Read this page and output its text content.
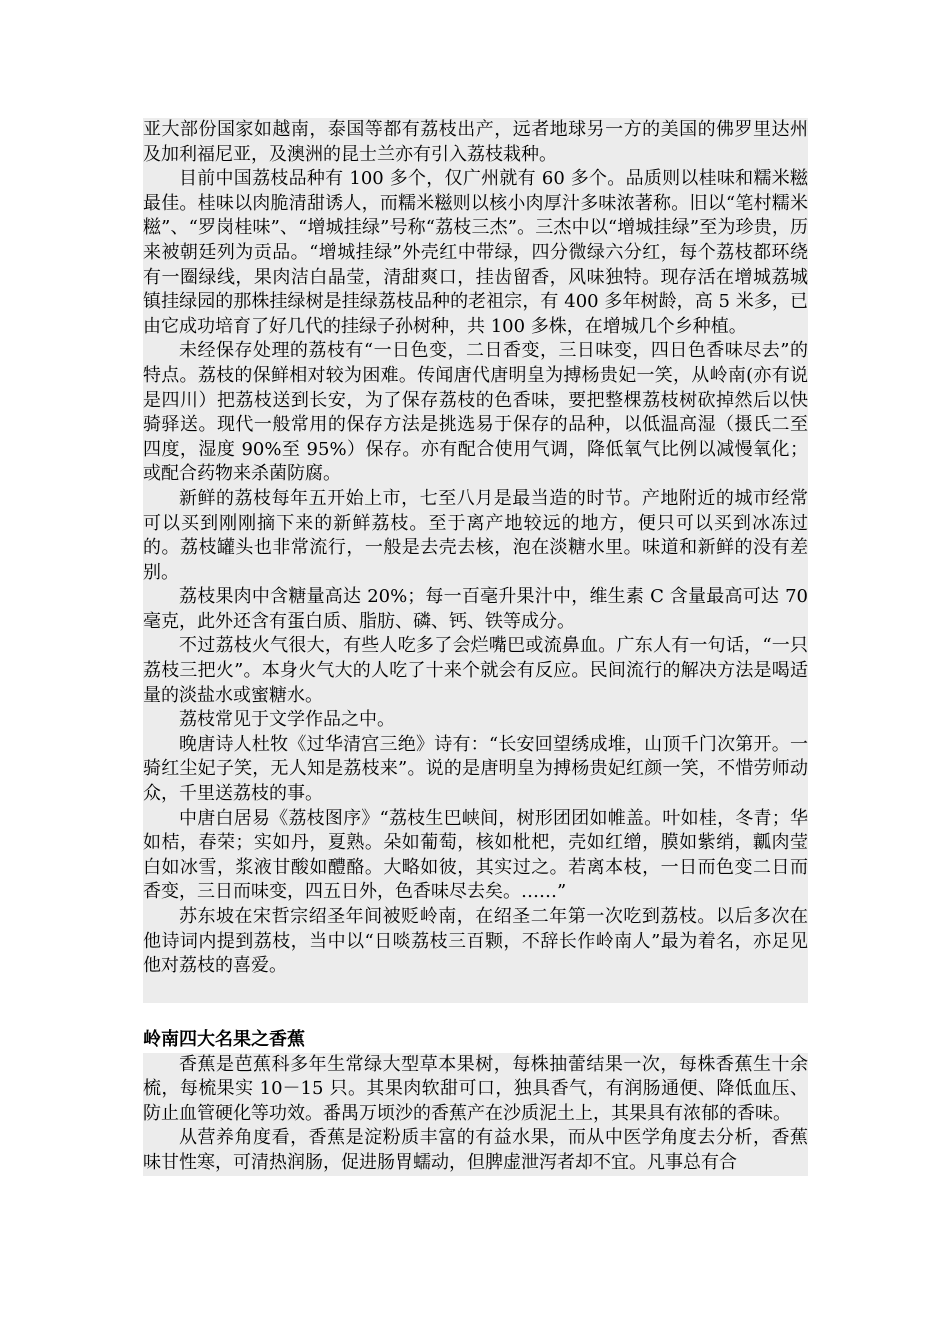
亚大部份国家如越南，泰国等都有荔枝出产，远者地球另一方的美国的佛罗里达州及加利福尼亚，及澳洲的昆士兰亦有引入荔枝栽种。

目前中国荔枝品种有 100 多个，仅广州就有 60 多个。品质则以桂味和糯米糍最佳。桂味以肉脆清甜诱人，而糯米糍则以核小肉厚汁多味浓著称。旧以“笔村糯米糍”、“罗岗桂味”、“增城挂绿”号称“荔枝三杰”。三杰中以“增城挂绿”至为珍贵，历来被朝廷列为贡品。“增城挂绿”外壳红中带绿，四分微绿六分红，每个荔枝都环绕有一圈绿线，果肉洁白晶莹，清甜爽口，挂齿留香，风味独特。现存活在增城荔城镇挂绿园的那株挂绿树是挂绿荔枝品种的老祖宗，有 400 多年树龄，高 5 米多，已由它成功培育了好几代的挂绿子孙树种，共 100 多株，在增城几个乡种植。

未经保存处理的荔枝有“一日色变，二日香变，三日味变，四日色香味尽去”的特点。荔枝的保鲜相对较为困难。传闻唐代唐明皇为搏杨贵妃一笑，从岭南(亦有说是四川）把荔枝送到长安，为了保存荔枝的色香味，要把整棵荔枝树砍掉然后以快骑驿送。现代一般常用的保存方法是挑选易于保存的品种，以低温高湿（摄氏二至四度，湿度 90%至 95%）保存。亦有配合使用气调，降低氧气比例以减慢氧化；或配合药物来杀菌防腐。

新鲜的荔枝每年五开始上市，七至八月是最当造的时节。产地附近的城市经常可以买到刚刚摘下来的新鲜荔枝。至于离产地较远的地方，便只可以买到冰冻过的。荔枝罐头也非常流行，一般是去壳去核，泡在淡糖水里。味道和新鲜的没有差别。

荔枝果肉中含糖量高达 20%；每一百毫升果汁中，维生素 C 含量最高可达 70 毫克，此外还含有蛋白质、脂肪、磷、钙、铁等成分。

不过荔枝火气很大，有些人吃多了会烂嘴巴或流鼻血。广东人有一句话，“一只荔枝三把火”。本身火气大的人吃了十来个就会有反应。民间流行的解决方法是喝适量的淡盐水或蜜糖水。

荔枝常见于文学作品之中。

晚唐诗人杜牧《过华清宫三绝》诗有：“长安回望绣成堆，山顶千门次第开。一骑红尘妃子笑，无人知是荔枝来”。说的是唐明皇为搏杨贵妃红颜一笑，不惜劳师动众，千里送荔枝的事。

中唐白居易《荔枝图序》“荔枝生巴峡间，树形团团如帷盖。叶如桂，冬青；华如桔，春荣；实如丹，夏熟。朵如葡萄，核如枇杷，壳如红缯，膜如紫绡，瓤肉莹白如冰雪，浆液甘酸如醴酪。大略如彼，其实过之。若离本枝，一日而色变二日而香变，三日而味变，四五日外，色香味尽去矣。……”

苏东坡在宋哲宗绍圣年间被贬岭南，在绍圣二年第一次吃到荔枝。以后多次在他诗词内提到荔枝，当中以“日啖荔枝三百颗，不辞长作岭南人”最为着名，亦足见他对荔枝的喜爱。

岭南四大名果之香蕉

香蕉是芭蕉科多年生常绿大型草本果树，每株抽蕾结果一次，每株香蕉生十余梳，每梳果实 10－15 只。其果肉软甜可口，独具香气，有润肠通便、降低血压、防止血管硬化等功效。番禺万顷沙的香蕉产在沙质泥土上，其果具有浓郁的香味。

从营养角度看，香蕉是淀粉质丰富的有益水果，而从中医学角度去分析，香蕉味甘性寒，可清热润肠，促进肠胃蠕动，但脾虚泄泻者却不宜。凡事总有合
